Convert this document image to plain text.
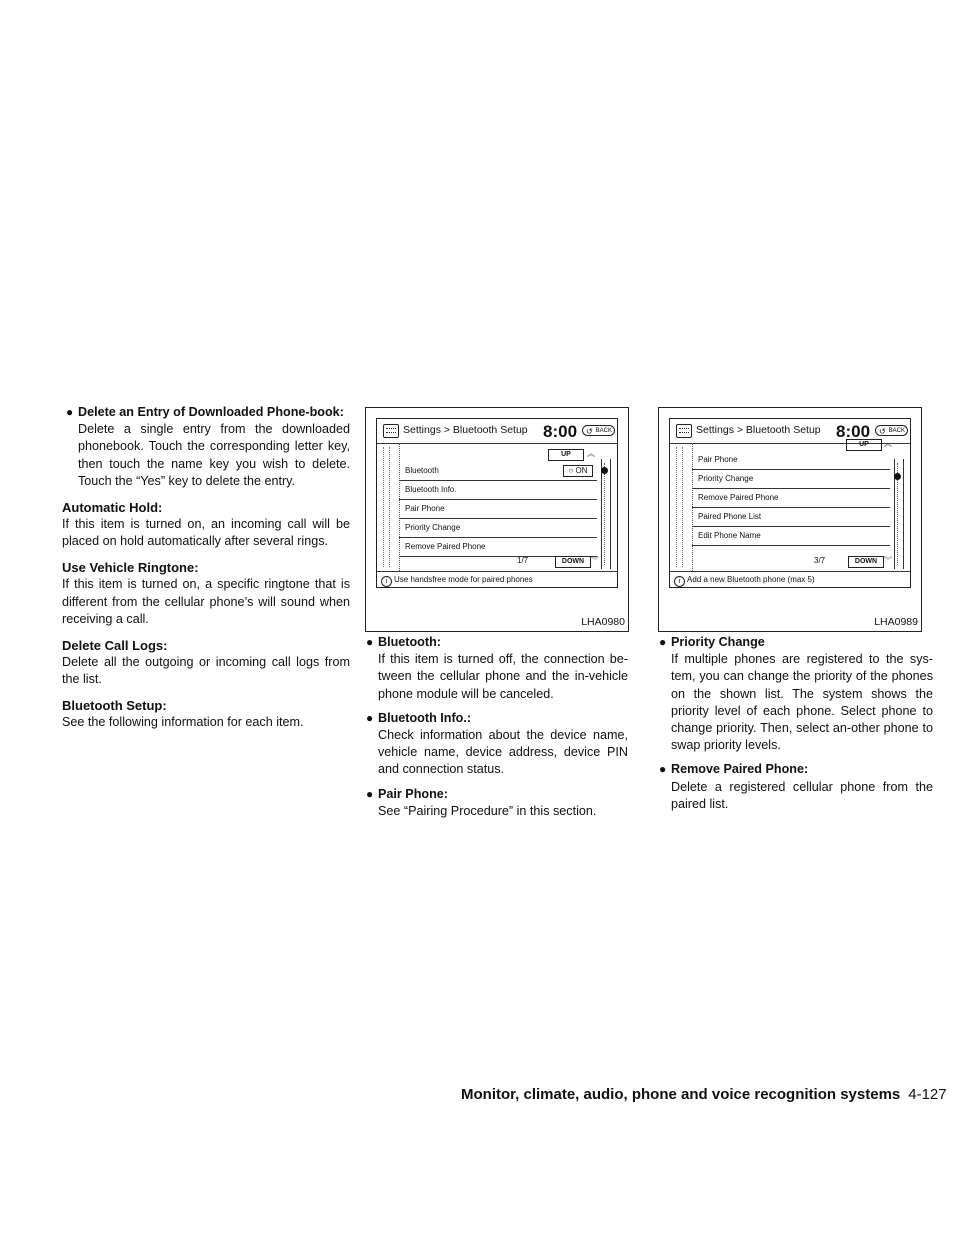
● Delete an Entry of Downloaded Phone-book:
Delete a single entry from the downloaded phonebook. Touch the corresponding letter key, then touch the name key you wish to delete. Touch the “Yes” key to delete the entry.
Automatic Hold:

If this item is turned on, an incoming call will be placed on hold automatically after several rings.

Use Vehicle Ringtone:

If this item is turned on, a specific ringtone that is different from the cellular phone’s will sound when receiving a call.

Delete Call Logs:

Delete all the outgoing or incoming call logs from the list.

Bluetooth Setup:

See the following information for each item.

Settings > Bluetooth Setup 8:00 ↺ BACK
UP	︽
Bluetooth	○ ON
Bluetooth Info.
Pair Phone
Priority Change
Remove Paired Phone
1/7	DOWN ︾
i Use handsfree mode for paired phones
LHA0980
Settings > Bluetooth Setup 8:00 ↺ BACK
UP	︽
Pair Phone
Priority Change
Remove Paired Phone
Paired Phone List
Edit Phone Name
3/7	DOWN ︾
i Add a new Bluetooth phone (max 5)
LHA0989
● Bluetooth:
If this item is turned off, the connection be-tween the cellular phone and the in-vehicle phone module will be canceled.
● Bluetooth Info.:
Check information about the device name, vehicle name, device address, device PIN and connection status.
● Pair Phone:
See “Pairing Procedure” in this section.
● Priority Change
If multiple phones are registered to the sys-tem, you can change the priority of the phones on the shown list. The system shows the priority level of each phone. Select phone to change priority. Then, select an-other phone to swap priority levels.
● Remove Paired Phone:
Delete a registered cellular phone from the paired list.
Monitor, climate, audio, phone and voice recognition systems 4-127
